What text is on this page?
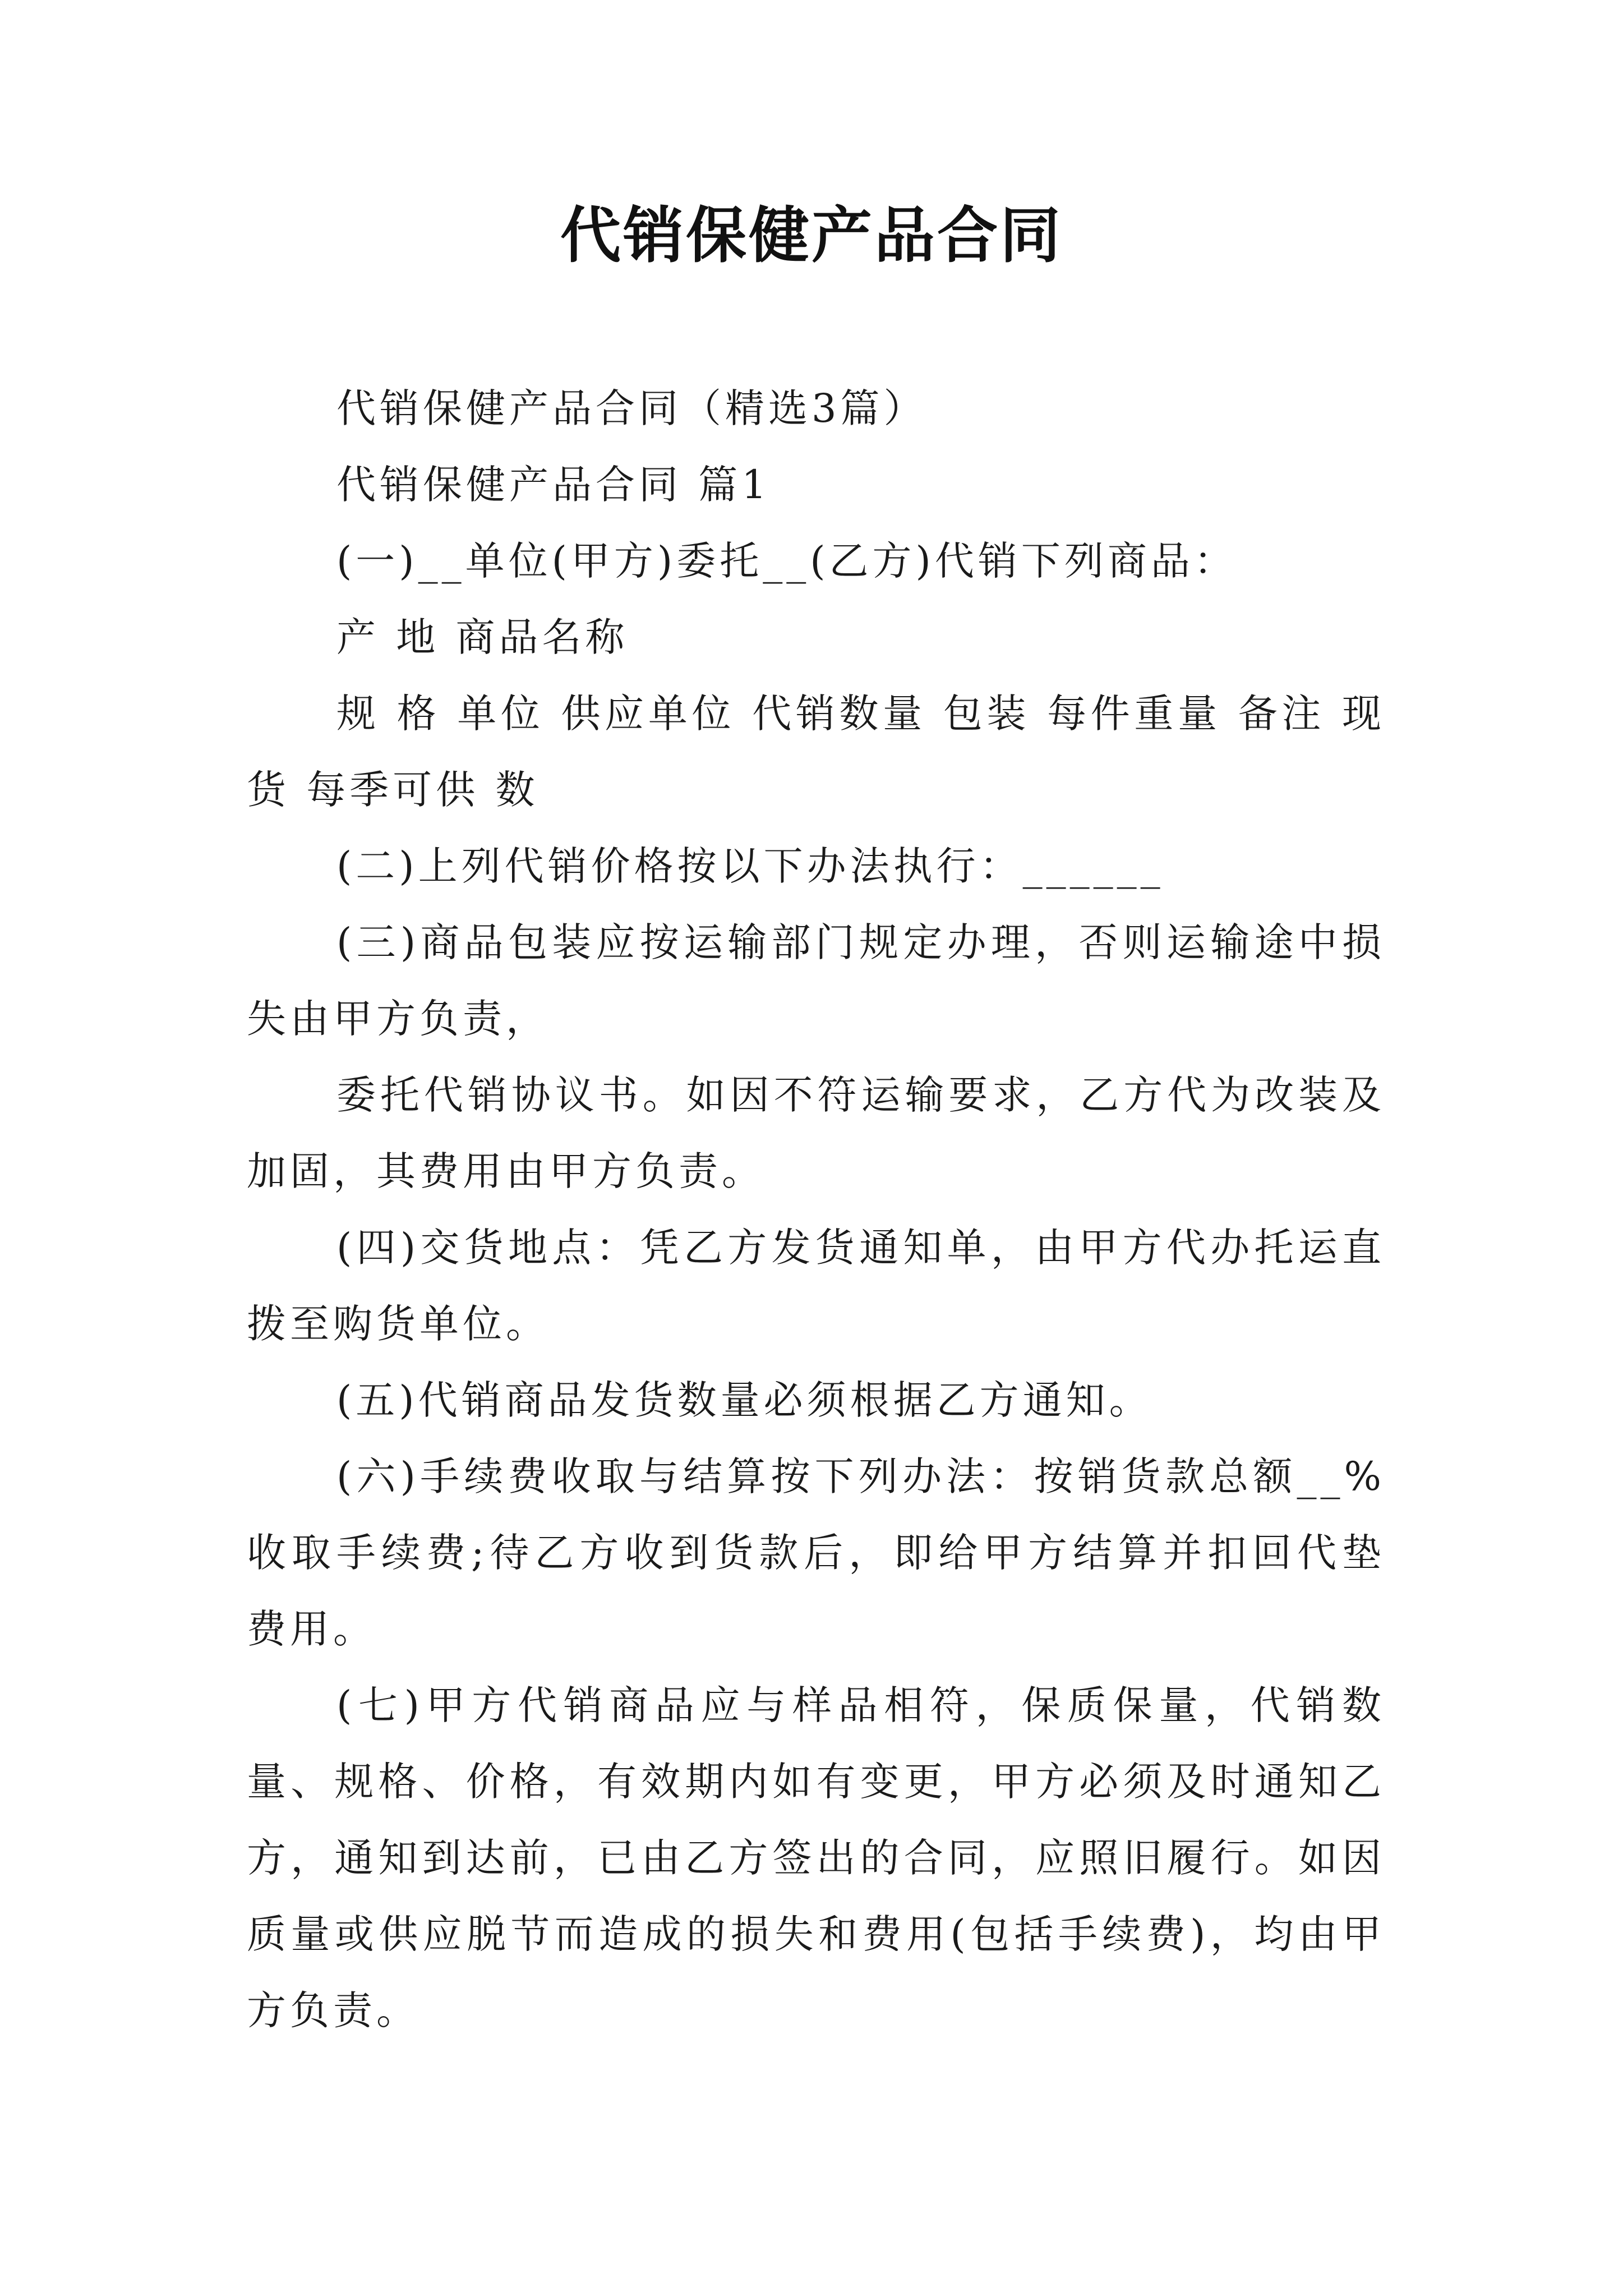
代销保健产品合同

代销保健产品合同（精选3篇）

代销保健产品合同 篇1

(一)__单位(甲方)委托__(乙方)代销下列商品：

产 地 商品名称

规 格 单位 供应单位 代销数量 包装 每件重量 备注 现货 每季可供 数

(二)上列代销价格按以下办法执行：______

(三)商品包装应按运输部门规定办理，否则运输途中损失由甲方负责，

委托代销协议书。如因不符运输要求，乙方代为改装及加固，其费用由甲方负责。

(四)交货地点：凭乙方发货通知单，由甲方代办托运直拨至购货单位。

(五)代销商品发货数量必须根据乙方通知。

(六)手续费收取与结算按下列办法：按销货款总额__%收取手续费;待乙方收到货款后，即给甲方结算并扣回代垫费用。

(七)甲方代销商品应与样品相符，保质保量，代销数量、规格、价格，有效期内如有变更，甲方必须及时通知乙方，通知到达前，已由乙方签出的合同，应照旧履行。如因质量或供应脱节而造成的损失和费用(包括手续费)，均由甲方负责。
